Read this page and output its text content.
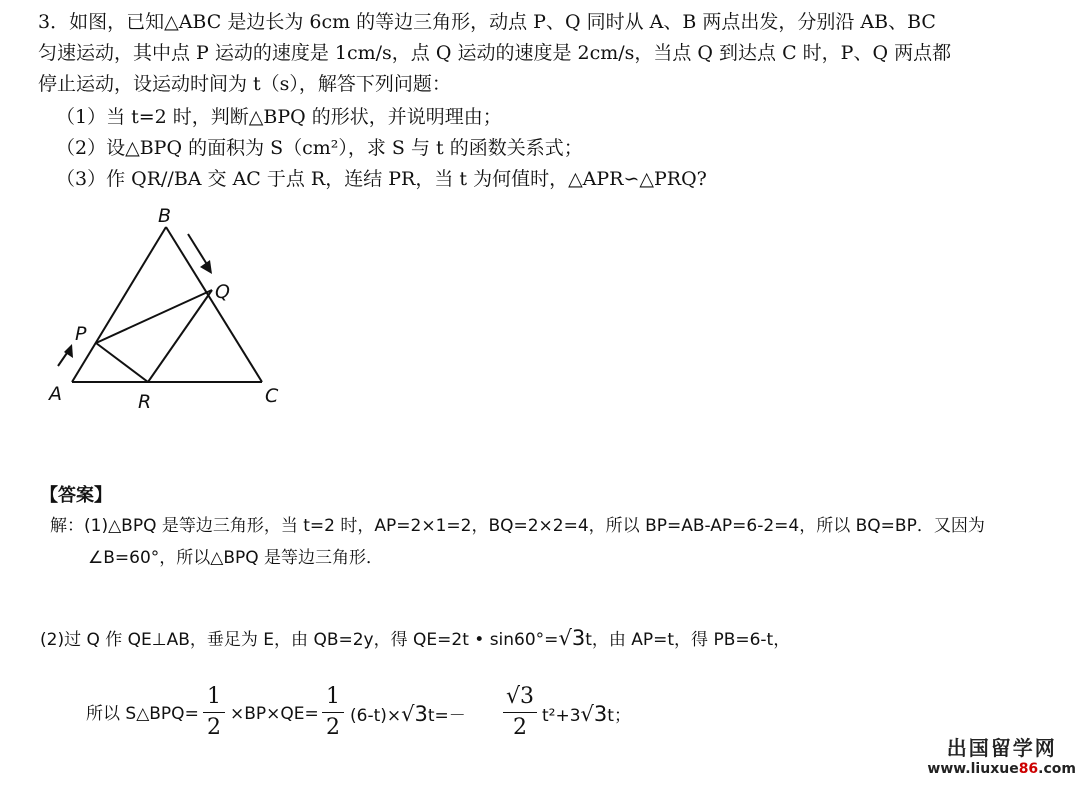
3．如图，已知△ABC 是边长为 6cm 的等边三角形，动点 P、Q 同时从 A、B 两点出发，分别沿 AB、BC
匀速运动，其中点 P 运动的速度是 1cm/s，点 Q 运动的速度是 2cm/s，当点 Q 到达点 C 时，P、Q 两点都
停止运动，设运动时间为 t（s），解答下列问题：
（1）当 t=2 时，判断△BPQ 的形状，并说明理由；
（2）设△BPQ 的面积为 S（cm²），求 S 与 t 的函数关系式；
（3）作 QR//BA 交 AC 于点 R，连结 PR，当 t 为何值时，△APR∽△PRQ?
B
Q
P
A	R	C
【答案】
解：(1)△BPQ 是等边三角形，当 t=2 时，AP=2×1=2，BQ=2×2=4，所以 BP=AB-AP=6-2=4，所以 BQ=BP．又因为
∠B=60°，所以△BPQ 是等边三角形．
(2)过 Q 作 QE⊥AB，垂足为 E，由 QB=2y，得 QE=2t • sin60°=√3t，由 AP=t，得 PB=6-t，
所以 S△BPQ=
1
2
×BP×QE=
1
2 (6-t)×√3t=－
√3
2 t²+3√3t；
出国留学网
www.liuxue86.com
